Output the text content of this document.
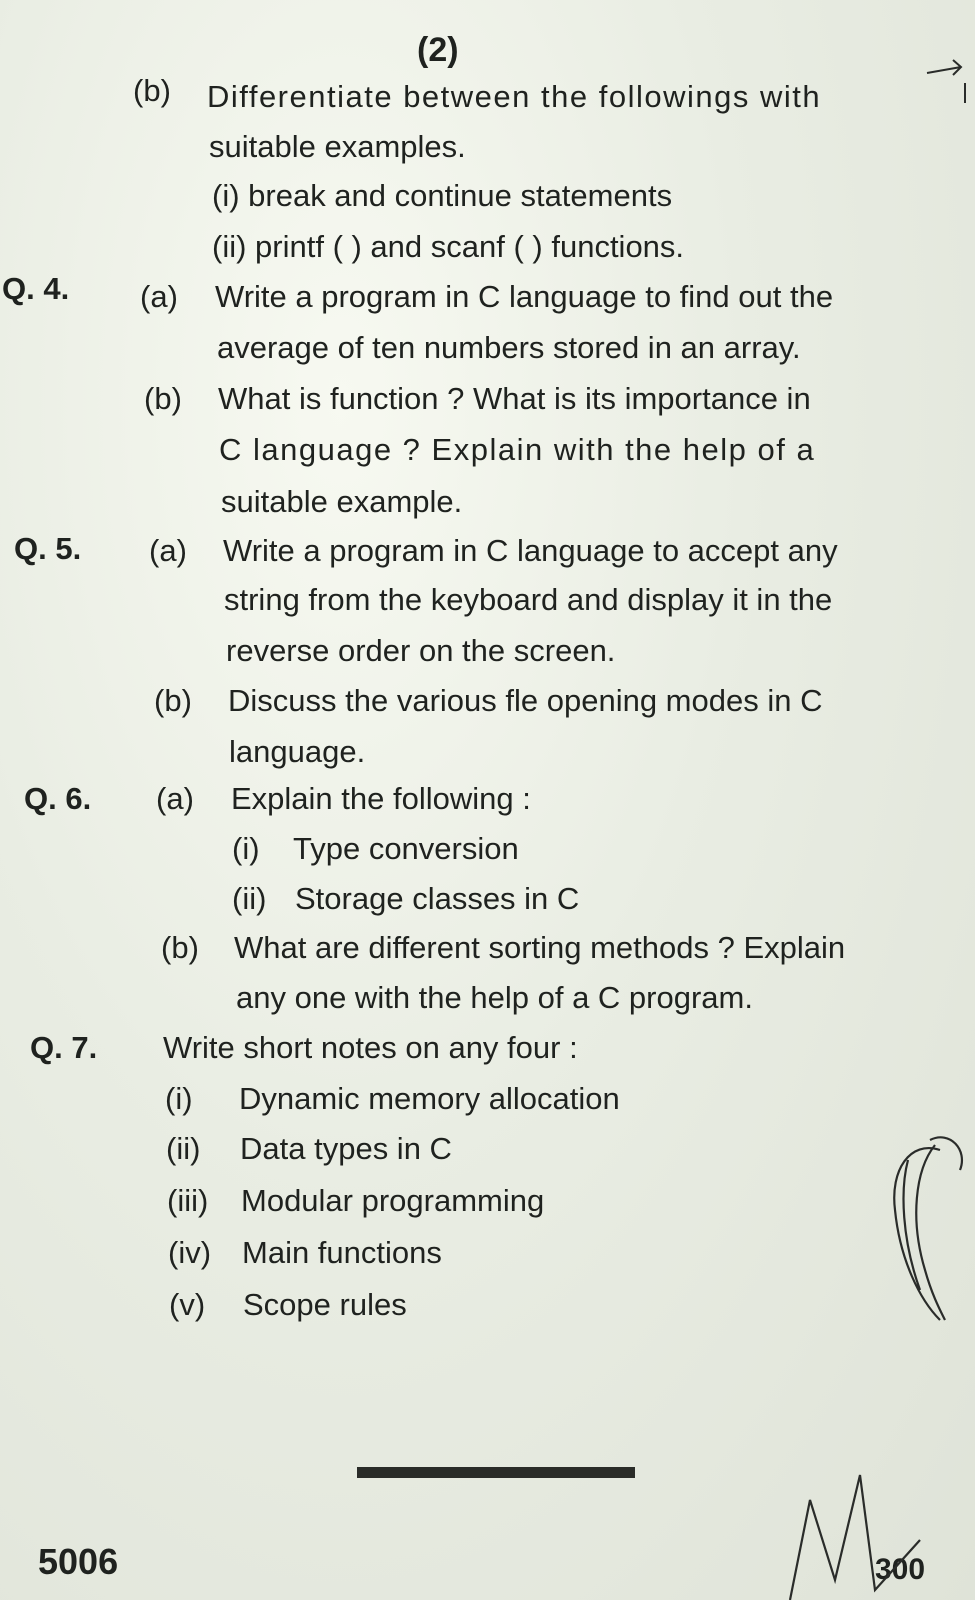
(2)
(b) Differentiate between the followings with
suitable examples.
(i) break and continue statements
(ii) printf ( ) and scanf ( ) functions.
Q. 4. (a) Write a program in C language to find out the
average of ten numbers stored in an array.
(b) What is function ? What is its importance in
C language ? Explain with the help of a
suitable example.
Q. 5. (a) Write a program in C language to accept any
string from the keyboard and display it in the
reverse order on the screen.
(b) Discuss the various fle opening modes in C
language.
Q. 6. (a) Explain the following :
(i) Type conversion
(ii) Storage classes in C
(b) What are different sorting methods ? Explain
any one with the help of a C program.
Q. 7. Write short notes on any four :
(i) Dynamic memory allocation
(ii) Data types in C
(iii) Modular programming
(iv) Main functions
(v) Scope rules
5006	300
